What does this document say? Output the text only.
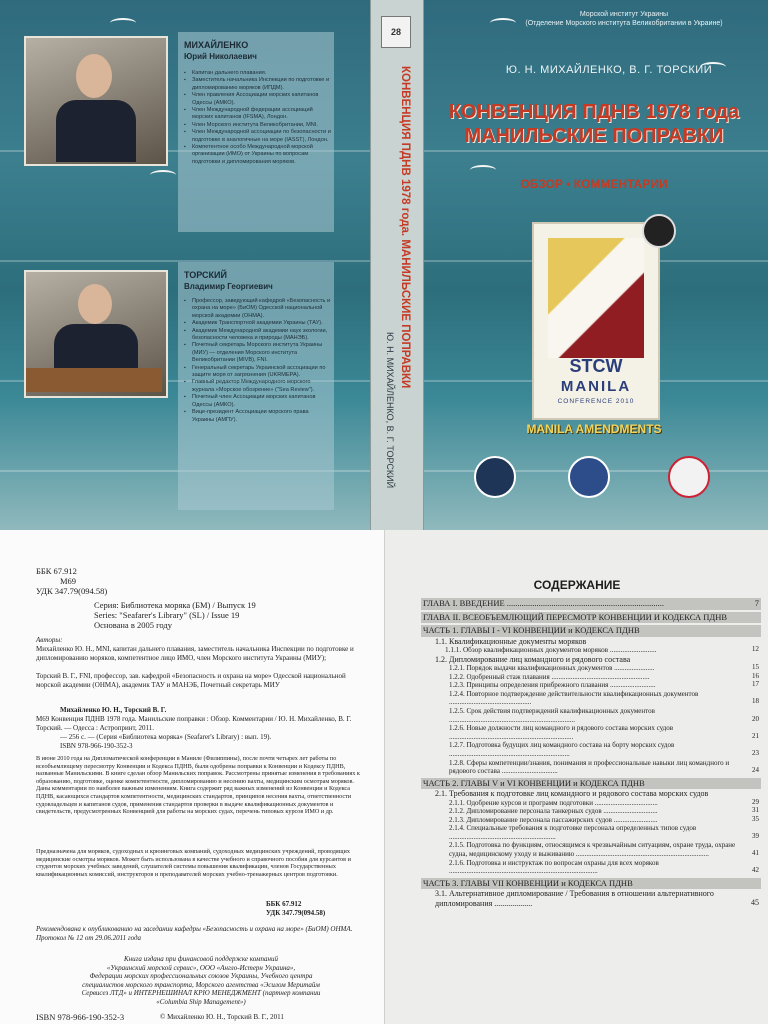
МИХАЙЛЕНКО
Юрий Николаевич
▪ Капитан дальнего плавания.
▪ Заместитель начальника Инспекции по подготовке и дипломированию моряков (ИПДМ).
▪ Член правления Ассоциации морских капитанов Одессы (АМКО).
▪ Член Международной федерации ассоциаций морских капитанов (IFSMA), Лондон.
▪ Член Морского института Великобритании, MNI.
▪ Член Международной ассоциации по безопасности и подготовке в аналогичные на море (IASST), Лондон.
▪ Компетентное особо Международной морской организации (ИМО) от Украины по вопросам подготовки и дипломирования моряков.
ТОРСКИЙ
Владимир Георгиевич
▪ Профессор, заведующий кафедрой «Безопасность и охрана на море» (БиОМ) Одесской национальной морской академии (ОНМА).
▪ Академик Транспортной академии Украины (ТАУ).
▪ Академик Международной академии наук экологии, безопасности человека и природы (МАНЭБ).
▪ Почетный секретарь Морского института Украины (МИУ) — отделения Морского института Великобритании (MIVB), FNI.
▪ Генеральный секретарь Украинской ассоциации по защите моря от загрязнения (UKRMEPA).
▪ Главный редактор Международного морского журнала «Морское обозрение» ("Sea Review").
▪ Почетный член Ассоциации морских капитанов Одессы (АМКО).
▪ Вице-президент Ассоциации морского права Украины (АМПУ).
28
КОНВЕНЦИЯ ПДНВ 1978 года. МАНИЛЬСКИЕ ПОПРАВКИ
Ю. Н. МИХАЙЛЕНКО, В. Г. ТОРСКИЙ
Морской институт Украины
(Отделение Морского института Великобритании в Украине)
Ю. Н. МИХАЙЛЕНКО, В. Г. ТОРСКИЙ
КОНВЕНЦИЯ ПДНВ 1978 года
МАНИЛЬСКИЕ ПОПРАВКИ
ОБЗОР • КОММЕНТАРИИ
STCW
MANILA
CONFERENCE 2010
MANILA AMENDMENTS
ББК 67.912
М69
УДК 347.79(094.58)
Серия: Библиотека моряка (БМ) / Выпуск 19
Series: "Seafarer's Library" (SL) / Issue 19
Основана в 2005 году
Авторы:
Михайленко Ю. Н., MNI, капитан дальнего плавания, заместитель начальника Инспекции по подготовке и дипломированию моряков, компетентное лицо ИМО, член Морского института Украины (МИУ);
Торский В. Г., FNI, профессор, зав. кафедрой «Безопасность и охрана на море» Одесской национальной морской академии (ОНМА), академик ТАУ и МАНЭБ, Почетный секретарь МИУ
Михайленко Ю. Н., Торский В. Г.
М69 Конвенция ПДНВ 1978 года. Манильские поправки : Обзор. Комментарии / Ю. Н. Михайленко, В. Г. Торский. — Одесса : Астропринт, 2011.
— 256 с. — (Серия «Библиотека моряка» (Seafarer's Library) : вып. 19).
ISBN 978-966-190-352-3
В июне 2010 года на Дипломатической конференции в Маниле (Филиппины), после почти четырех лет работы по всеобъемлющему пересмотру Конвенции и Кодекса ПДНВ, были одобрены поправки к Конвенции и Кодексу ПДНВ, названные Манильскими. В книге сделан обзор Манильских поправок. Рассмотрены принятые изменения в требованиях к образованию, подготовке, оценке компетентности, дипломированию и несению вахты, медицинским осмотрам моряков. Даны комментарии по наиболее важным изменениям. Книга содержит ряд важных изменений из Конвенции и Кодекса ПДНВ, касающихся стандартов компетентности, медицинских стандартов, принципов несения вахты, ответственности судовладельцев и капитанов судов, применения стандартов проверки в выдаче квалификационных документов и свидетельств, предусмотренных Конвенцией для работы на морских судах, перечень типовых курсов ИМО и др.
Предназначена для моряков, судоходных и крюинговых компаний, судоходных медицинских учреждений, проводящих медицинские осмотры моряков. Может быть использована в качестве учебного и справочного пособия для курсантов и студентов морских учебных заведений, слушателей системы повышения квалификации, членов Государственных квалификационных комиссий, инструкторов и преподавателей морских учебно-тренажерных центров подготовки.
ББК 67.912
УДК 347.79(094.58)
Рекомендована к опубликованию на заседании кафедры «Безопасность и охрана на море» (БиОМ) ОНМА. Протокол № 12 от 29.06.2011 года
Книга издана при финансовой поддержке компаний
«Украинский морской сервис», ООО «Англо-Истерн Украина»,
Федерации морских профессиональных союзов Украины, Учебного центра
специалистов морского транспорта, Морского агентства «Эсилом Меритайм
Сервисез ЛТД» и ИНТЕРНЕШИНАЛ КРЮ МЕНЕДЖМЕНТ (партнер компании
«Columbia Ship Management»)
ISBN 978-966-190-352-3	© Михайленко Ю. Н., Торский В. Г., 2011
СОДЕРЖАНИЕ
ГЛАВА I. ВВЕДЕНИЕ ..........................................................................	7
ГЛАВА II. ВСЕОБЪЕМЛЮЩИЙ ПЕРЕСМОТР КОНВЕНЦИИ И КОДЕКСА ПДНВ
ЧАСТЬ 1. ГЛАВЫ I - VI КОНВЕНЦИИ и КОДЕКСА ПДНВ
1.1. Квалификационные документы моряков
1.1.1. Обзор квалификационных документов моряков ..........................	12
1.2. Дипломирование лиц командного и рядового состава
1.2.1. Порядок выдачи квалификационных документов .......................	15
1.2.2. Одобренный стаж плавания ........................................................	16
1.2.3. Принципы определения прибрежного плавания ..........................	17
1.2.4. Повторное подтверждение действительности квалификационных документов ...............................................	18
1.2.5. Срок действия подтверждений квалификационных документов ........................................................................	20
1.2.6. Новые должности лиц командного и рядового состава морских судов .......................................................................	21
1.2.7. Подготовка будущих лиц командного состава на борту морских судов .....................................................................	23
1.2.8. Сферы компетенции/знания, понимания и профессиональные навыки лиц командного и рядового состава ................................	24
ЧАСТЬ 2. ГЛАВЫ V и VI КОНВЕНЦИИ и КОДЕКСА ПДНВ
2.1. Требования к подготовке лиц командного и рядового состава морских судов
2.1.1. Одобрение курсов и программ подготовки ....................................	29
2.1.2. Дипломирование персонала танкерных судов ...............................	31
2.1.3. Дипломирование персонала пассажирских судов .........................	35
2.1.4. Специальные требования к подготовке персонала определенных типов судов .............................................................	39
2.1.5. Подготовка по функциям, относящимся к чрезвычайным ситуациям, охране труда, охране судна, медицинскому уходу и выживанию ............................................................................	41
2.1.6. Подготовка и инструктаж по вопросам охраны для всех моряков .....................................................................................	42
ЧАСТЬ 3. ГЛАВЫ VII КОНВЕНЦИИ и КОДЕКСА ПДНВ
3.1. Альтернативное дипломирование / Требования в отношении альтернативного дипломирования ...................	45
